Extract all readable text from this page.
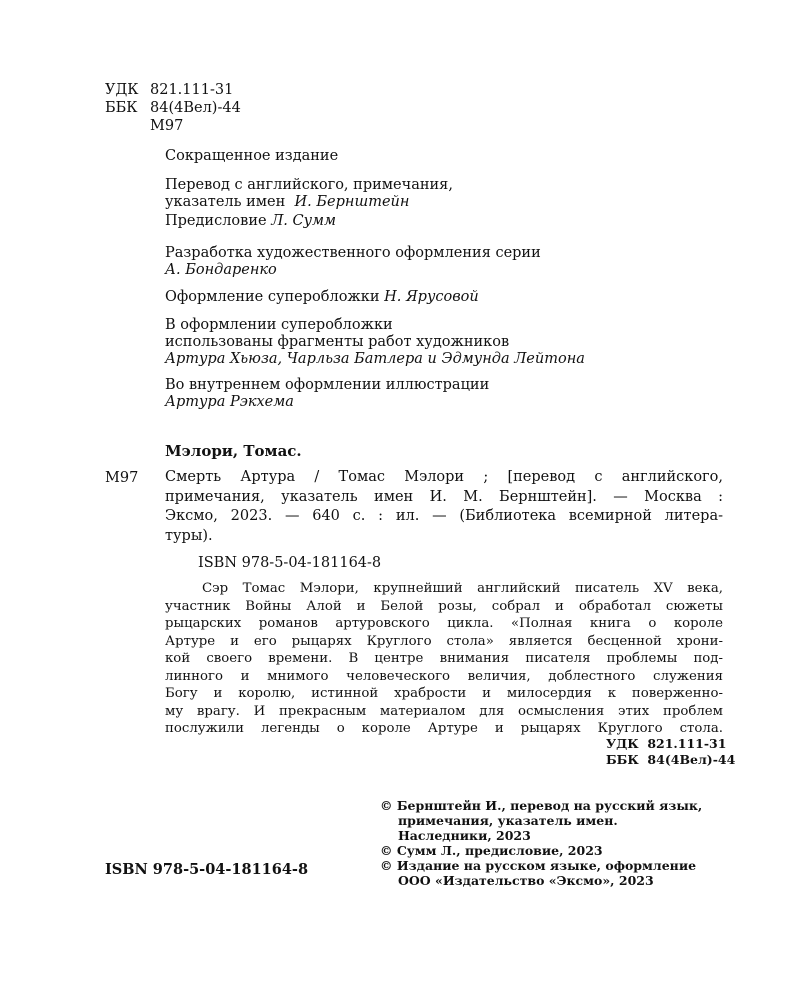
УДК 821.111-31
ББК 84(4Вел)-44
М97
Сокращенное издание
Перевод с английского, примечания,
указатель имен И. Бернштейн
Предисловие Л. Сумм
Разработка художественного оформления серии
А. Бондаренко
Оформление суперобложки Н. Ярусовой
В оформлении суперобложки
использованы фрагменты работ художников
Артура Хьюза, Чарльза Батлера и Эдмунда Лейтона
Во внутреннем оформлении иллюстрации
Артура Рэкхема
Мэлори, Томас.
М97 Смерть Артура / Томас Мэлори ; [перевод с английского,
примечания, указатель имен И. М. Бернштейн]. — Москва :
Эксмо, 2023. — 640 с. : ил. — (Библиотека всемирной литера-
туры).
ISBN 978-5-04-181164-8
Сэр Томас Мэлори, крупнейший английский писатель XV века,
участник Войны Алой и Белой розы, собрал и обработал сюжеты
рыцарских романов артуровского цикла. «Полная книга о короле
Артуре и его рыцарях Круглого стола» является бесценной хрони-
кой своего времени. В центре внимания писателя проблемы под-
линного и мнимого человеческого величия, доблестного служения
Богу и королю, истинной храбрости и милосердия к поверженно-
му врагу. И прекрасным материалом для осмысления этих проблем
послужили легенды о короле Артуре и рыцарях Круглого стола.
УДК  821.111-31
ББК  84(4Вел)-44
ISBN 978-5-04-181164-8
© Бернштейн И., перевод на русский язык,
примечания, указатель имен.
Наследники, 2023
© Сумм Л., предисловие, 2023
© Издание на русском языке, оформление
ООО «Издательство «Эксмо», 2023
